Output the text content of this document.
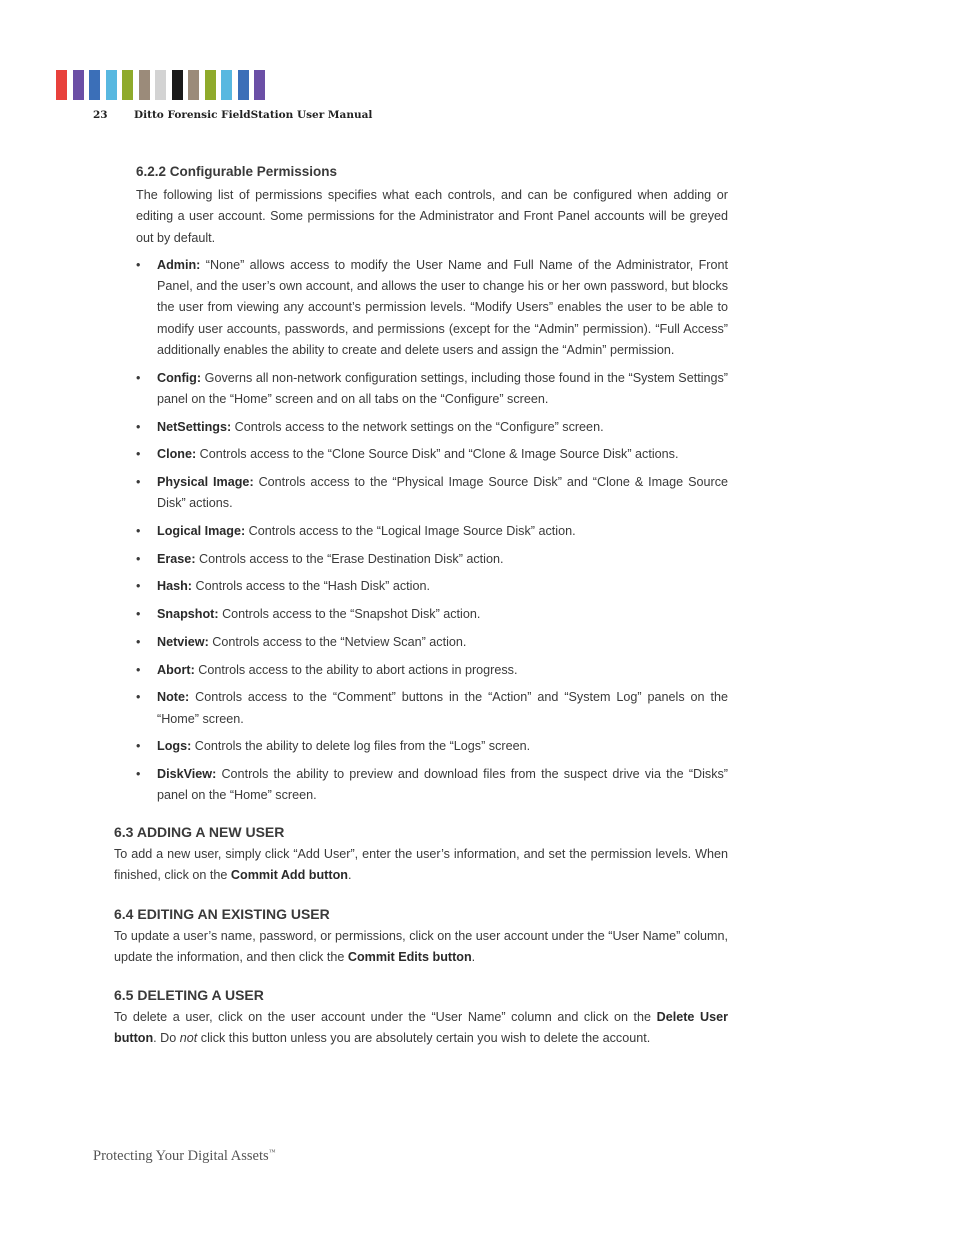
23	Ditto Forensic FieldStation User Manual
6.2.2 Configurable Permissions

The following list of permissions specifies what each controls, and can be configured when adding or editing a user account. Some permissions for the Administrator and Front Panel accounts will be greyed out by default.

• Admin: “None” allows access to modify the User Name and Full Name of the Administrator, Front Panel, and the user’s own account, and allows the user to change his or her own password, but blocks the user from viewing any account’s permission levels. “Modify Users” enables the user to be able to modify user accounts, passwords, and permissions (except for the “Admin” permission). “Full Access” additionally enables the ability to create and delete users and assign the “Admin” permission.
• Config: Governs all non-network configuration settings, including those found in the “System Settings” panel on the “Home” screen and on all tabs on the “Configure” screen.
• NetSettings: Controls access to the network settings on the “Configure” screen.
• Clone: Controls access to the “Clone Source Disk” and “Clone & Image Source Disk” actions.
• Physical Image: Controls access to the “Physical Image Source Disk” and “Clone & Image Source Disk” actions.
• Logical Image: Controls access to the “Logical Image Source Disk” action.
• Erase: Controls access to the “Erase Destination Disk” action.
• Hash: Controls access to the “Hash Disk” action.
• Snapshot: Controls access to the “Snapshot Disk” action.
• Netview: Controls access to the “Netview Scan” action.
• Abort: Controls access to the ability to abort actions in progress.
• Note: Controls access to the “Comment” buttons in the “Action” and “System Log” panels on the “Home” screen.
• Logs: Controls the ability to delete log files from the “Logs” screen.
• DiskView: Controls the ability to preview and download files from the suspect drive via the “Disks” panel on the “Home” screen.
6.3 ADDING A NEW USER

To add a new user, simply click “Add User”, enter the user’s information, and set the permission levels. When finished, click on the Commit Add button.

6.4 EDITING AN EXISTING USER

To update a user’s name, password, or permissions, click on the user account under the “User Name” column, update the information, and then click the Commit Edits button.

6.5 DELETING A USER

To delete a user, click on the user account under the “User Name” column and click on the Delete User button. Do not click this button unless you are absolutely certain you wish to delete the account.

Protecting Your Digital Assets™
